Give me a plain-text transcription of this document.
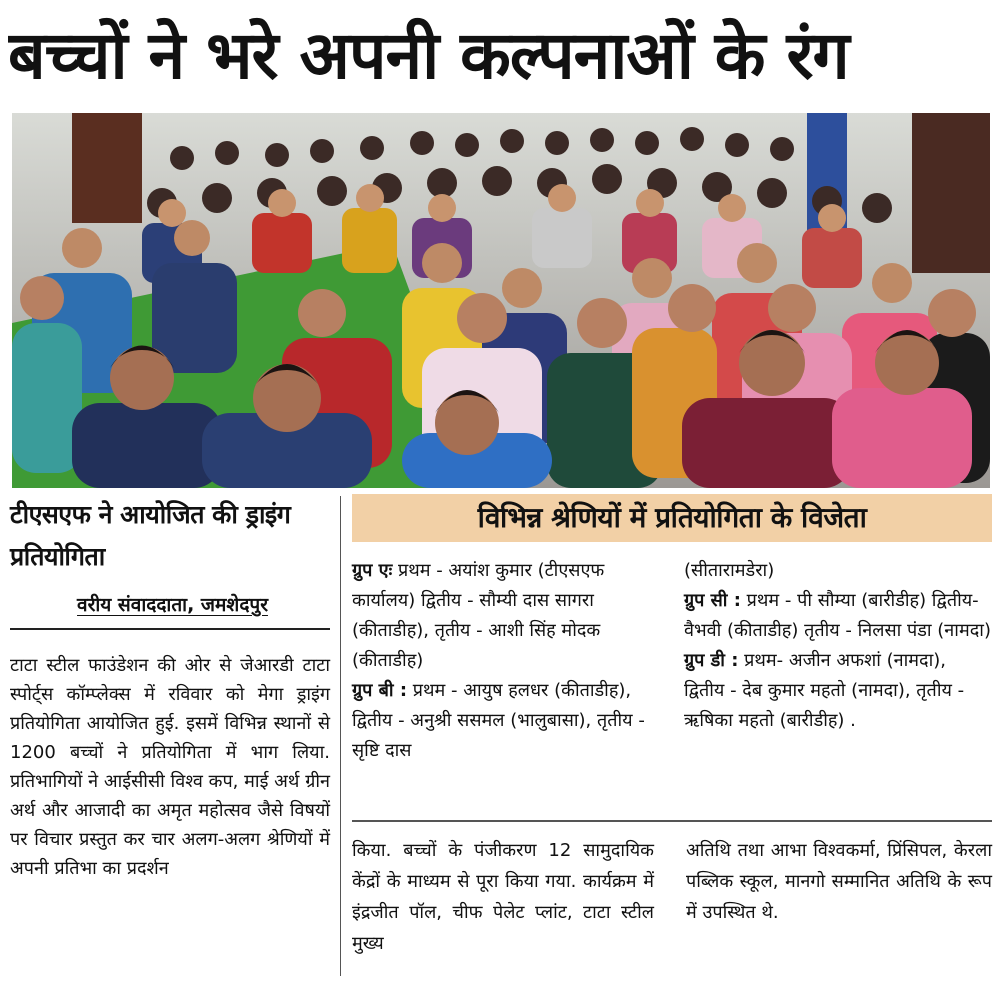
बच्चों ने भरे अपनी कल्पनाओं के रंग
टीएसएफ ने आयोजित की ड्राइंग प्रतियोगिता
वरीय संवाददाता, जमशेदपुर
टाटा स्टील फाउंडेशन की ओर से जेआरडी टाटा स्पोर्ट्स कॉम्प्लेक्स में रविवार को मेगा ड्राइंग प्रतियोगिता आयोजित हुई. इसमें विभिन्न स्थानों से 1200 बच्चों ने प्रतियोगिता में भाग लिया. प्रतिभागियों ने आईसीसी विश्व कप, माई अर्थ ग्रीन अर्थ और आजादी का अमृत महोत्सव जैसे विषयों पर विचार प्रस्तुत कर चार अलग-अलग श्रेणियों में अपनी प्रतिभा का प्रदर्शन
विभिन्न श्रेणियों में प्रतियोगिता के विजेता

ग्रुप एः प्रथम - अयांश कुमार (टीएसएफ कार्यालय) द्वितीय - सौम्यी दास सागरा (कीताडीह), तृतीय - आशी सिंह मोदक (कीताडीह)

ग्रुप बी : प्रथम - आयुष हलधर (कीताडीह), द्वितीय - अनुश्री ससमल (भालुबासा), तृतीय - सृष्टि दास

(सीतारामडेरा)

ग्रुप सी : प्रथम - पी सौम्या (बारीडीह) द्वितीय- वैभवी (कीताडीह) तृतीय - निलसा पंडा (नामदा)

ग्रुप डी : प्रथम- अजीन अफशां (नामदा), द्वितीय - देब कुमार महतो (नामदा), तृतीय - ऋषिका महतो (बारीडीह) .

किया. बच्चों के पंजीकरण 12 सामुदायिक केंद्रों के माध्यम से पूरा किया गया. कार्यक्रम में इंद्रजीत पॉल, चीफ पेलेट प्लांट, टाटा स्टील मुख्य
अतिथि तथा आभा विश्वकर्मा, प्रिंसिपल, केरला पब्लिक स्कूल, मानगो सम्मानित अतिथि के रूप में उपस्थित थे.
